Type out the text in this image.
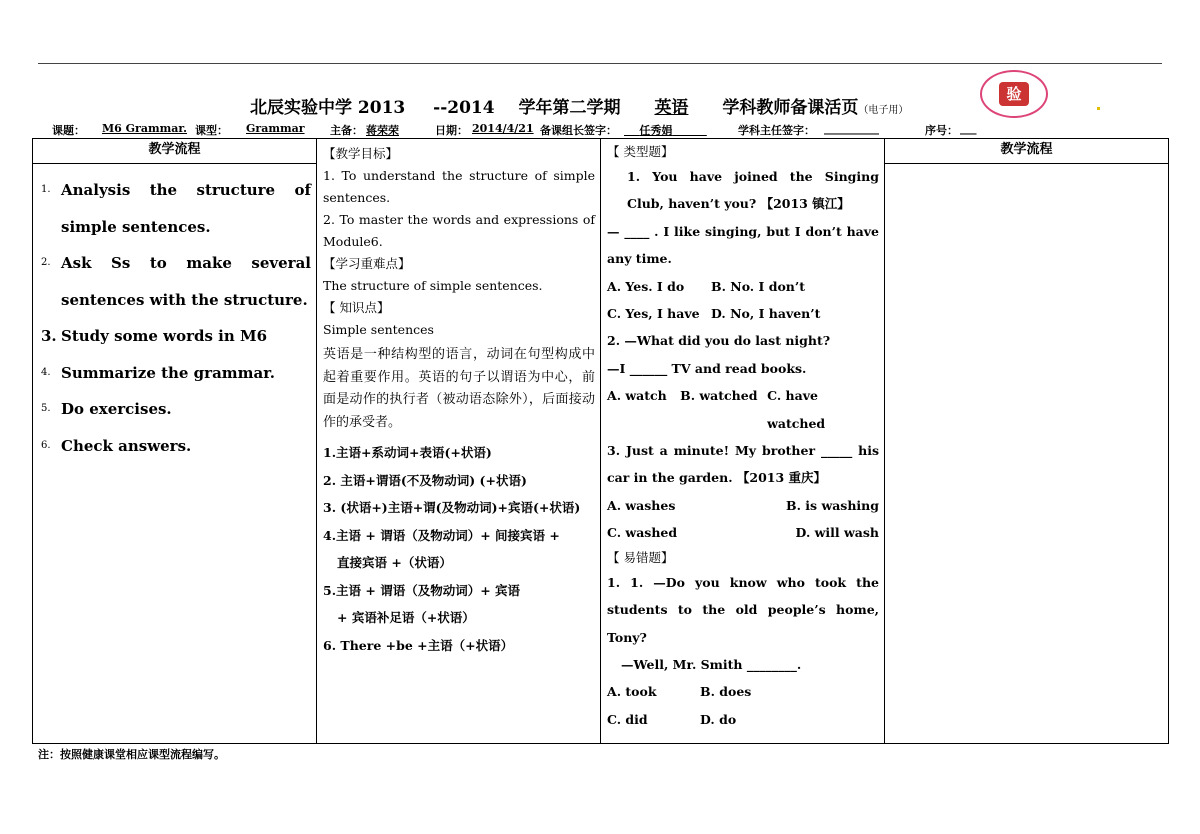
北辰实验中学 2013 --2014 学年第二学期 英语 学科教师备课活页（电子用）
验
课题： M6 Grammar. 课型： Grammar 主备： 蒋荣荣	日期： 2014/4/21 备课组长签字：	任秀娟	学科主任签字： __________	序号： ___
教学流程
1. Analysis the structure of simple sentences.
2. Ask Ss to make several sentences with the structure.
3. Study some words in M6
4. Summarize the grammar.
5. Do exercises.
6. Check answers.

【教学目标】
1. To understand the structure of simple sentences.
2. To master the words and expressions of Module6.
【学习重难点】
The structure of simple sentences.
【 知识点】
Simple sentences
英语是一种结构型的语言，动词在句型构成中起着重要作用。英语的句子以谓语为中心，前面是动作的执行者（被动语态除外），后面接动作的承受者。
1.主语+系动词+表语(+状语)
2. 主语+谓语(不及物动词) (+状语)
3. (状语+)主语+谓(及物动词)+宾语(+状语)
4.主语 + 谓语（及物动词）+ 间接宾语 +
直接宾语 +（状语）
5.主语 + 谓语（及物动词）+ 宾语
+ 宾语补足语（+状语）
6. There +be +主语（+状语）

【 类型题】
1. You have joined the Singing Club, haven’t you? 【2013 镇江】
— ____ . I like singing, but I don’t have any time.
A. Yes. I do	B. No. I don’t
C. Yes, I have D. No, I haven’t
2. —What did you do last night?
—I ______ TV and read books.
A. watch	B. watched C. have watched
3. Just a minute! My brother _____ his car in the garden. 【2013 重庆】
A. washes	B. is washing
C. washed	D. will wash
【 易错题】
1. 1. —Do you know who took the students to the old people’s home, Tony?
—Well, Mr. Smith ________.
A. took	B. does
C. did	D. do

教学流程
注：按照健康课堂相应课型流程编写。
